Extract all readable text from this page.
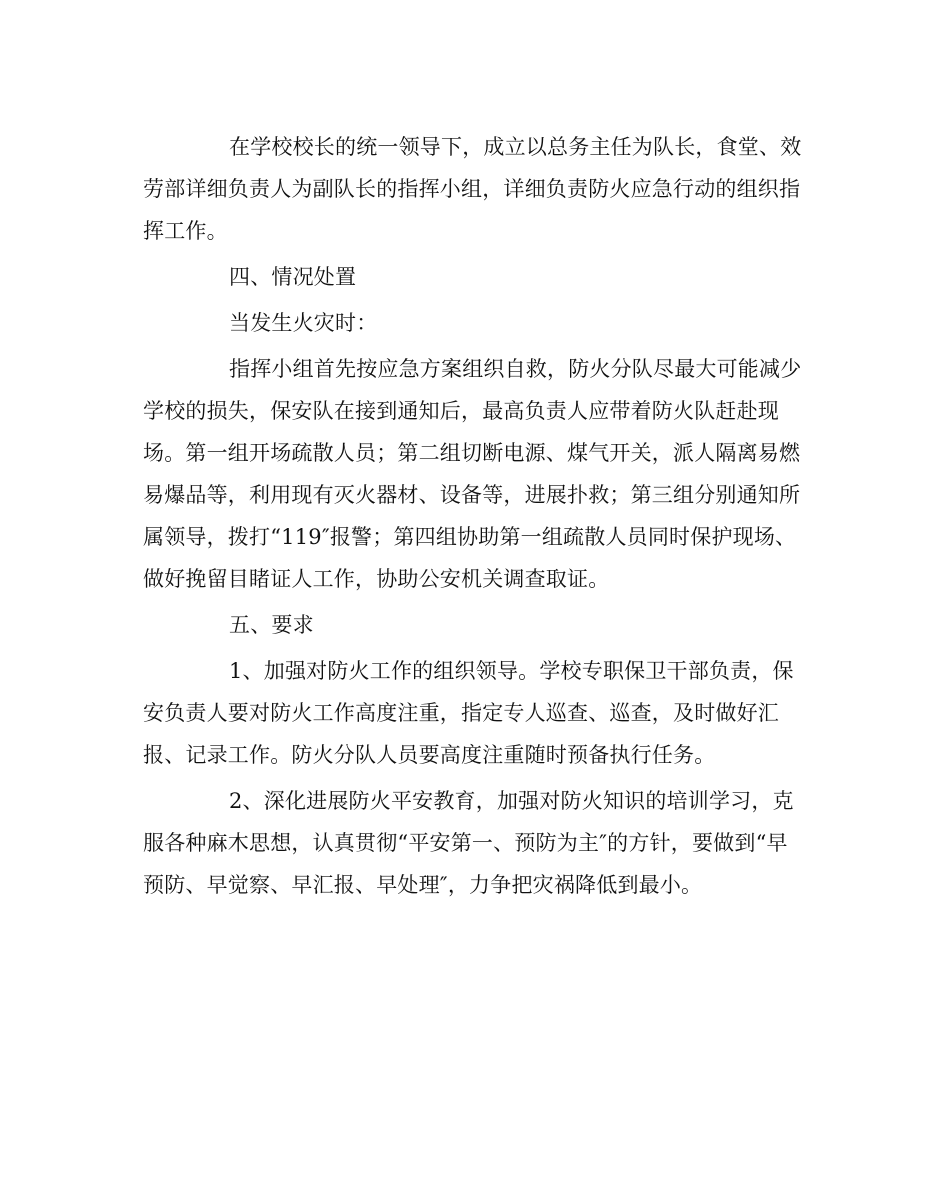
在学校校长的统一领导下，成立以总务主任为队长，食堂、效劳部详细负责人为副队长的指挥小组，详细负责防火应急行动的组织指挥工作。

四、情况处置

当发生火灾时：

指挥小组首先按应急方案组织自救，防火分队尽最大可能减少学校的损失，保安队在接到通知后，最高负责人应带着防火队赶赴现场。第一组开场疏散人员；第二组切断电源、煤气开关，派人隔离易燃易爆品等，利用现有灭火器材、设备等，进展扑救；第三组分别通知所属领导，拨打“119″报警；第四组协助第一组疏散人员同时保护现场、做好挽留目睹证人工作，协助公安机关调查取证。

五、要求

1、加强对防火工作的组织领导。学校专职保卫干部负责，保安负责人要对防火工作高度注重，指定专人巡查、巡查，及时做好汇报、记录工作。防火分队人员要高度注重随时预备执行任务。

2、深化进展防火平安教育，加强对防火知识的培训学习，克服各种麻木思想，认真贯彻“平安第一、预防为主″的方针，要做到“早预防、早觉察、早汇报、早处理″，力争把灾祸降低到最小。
